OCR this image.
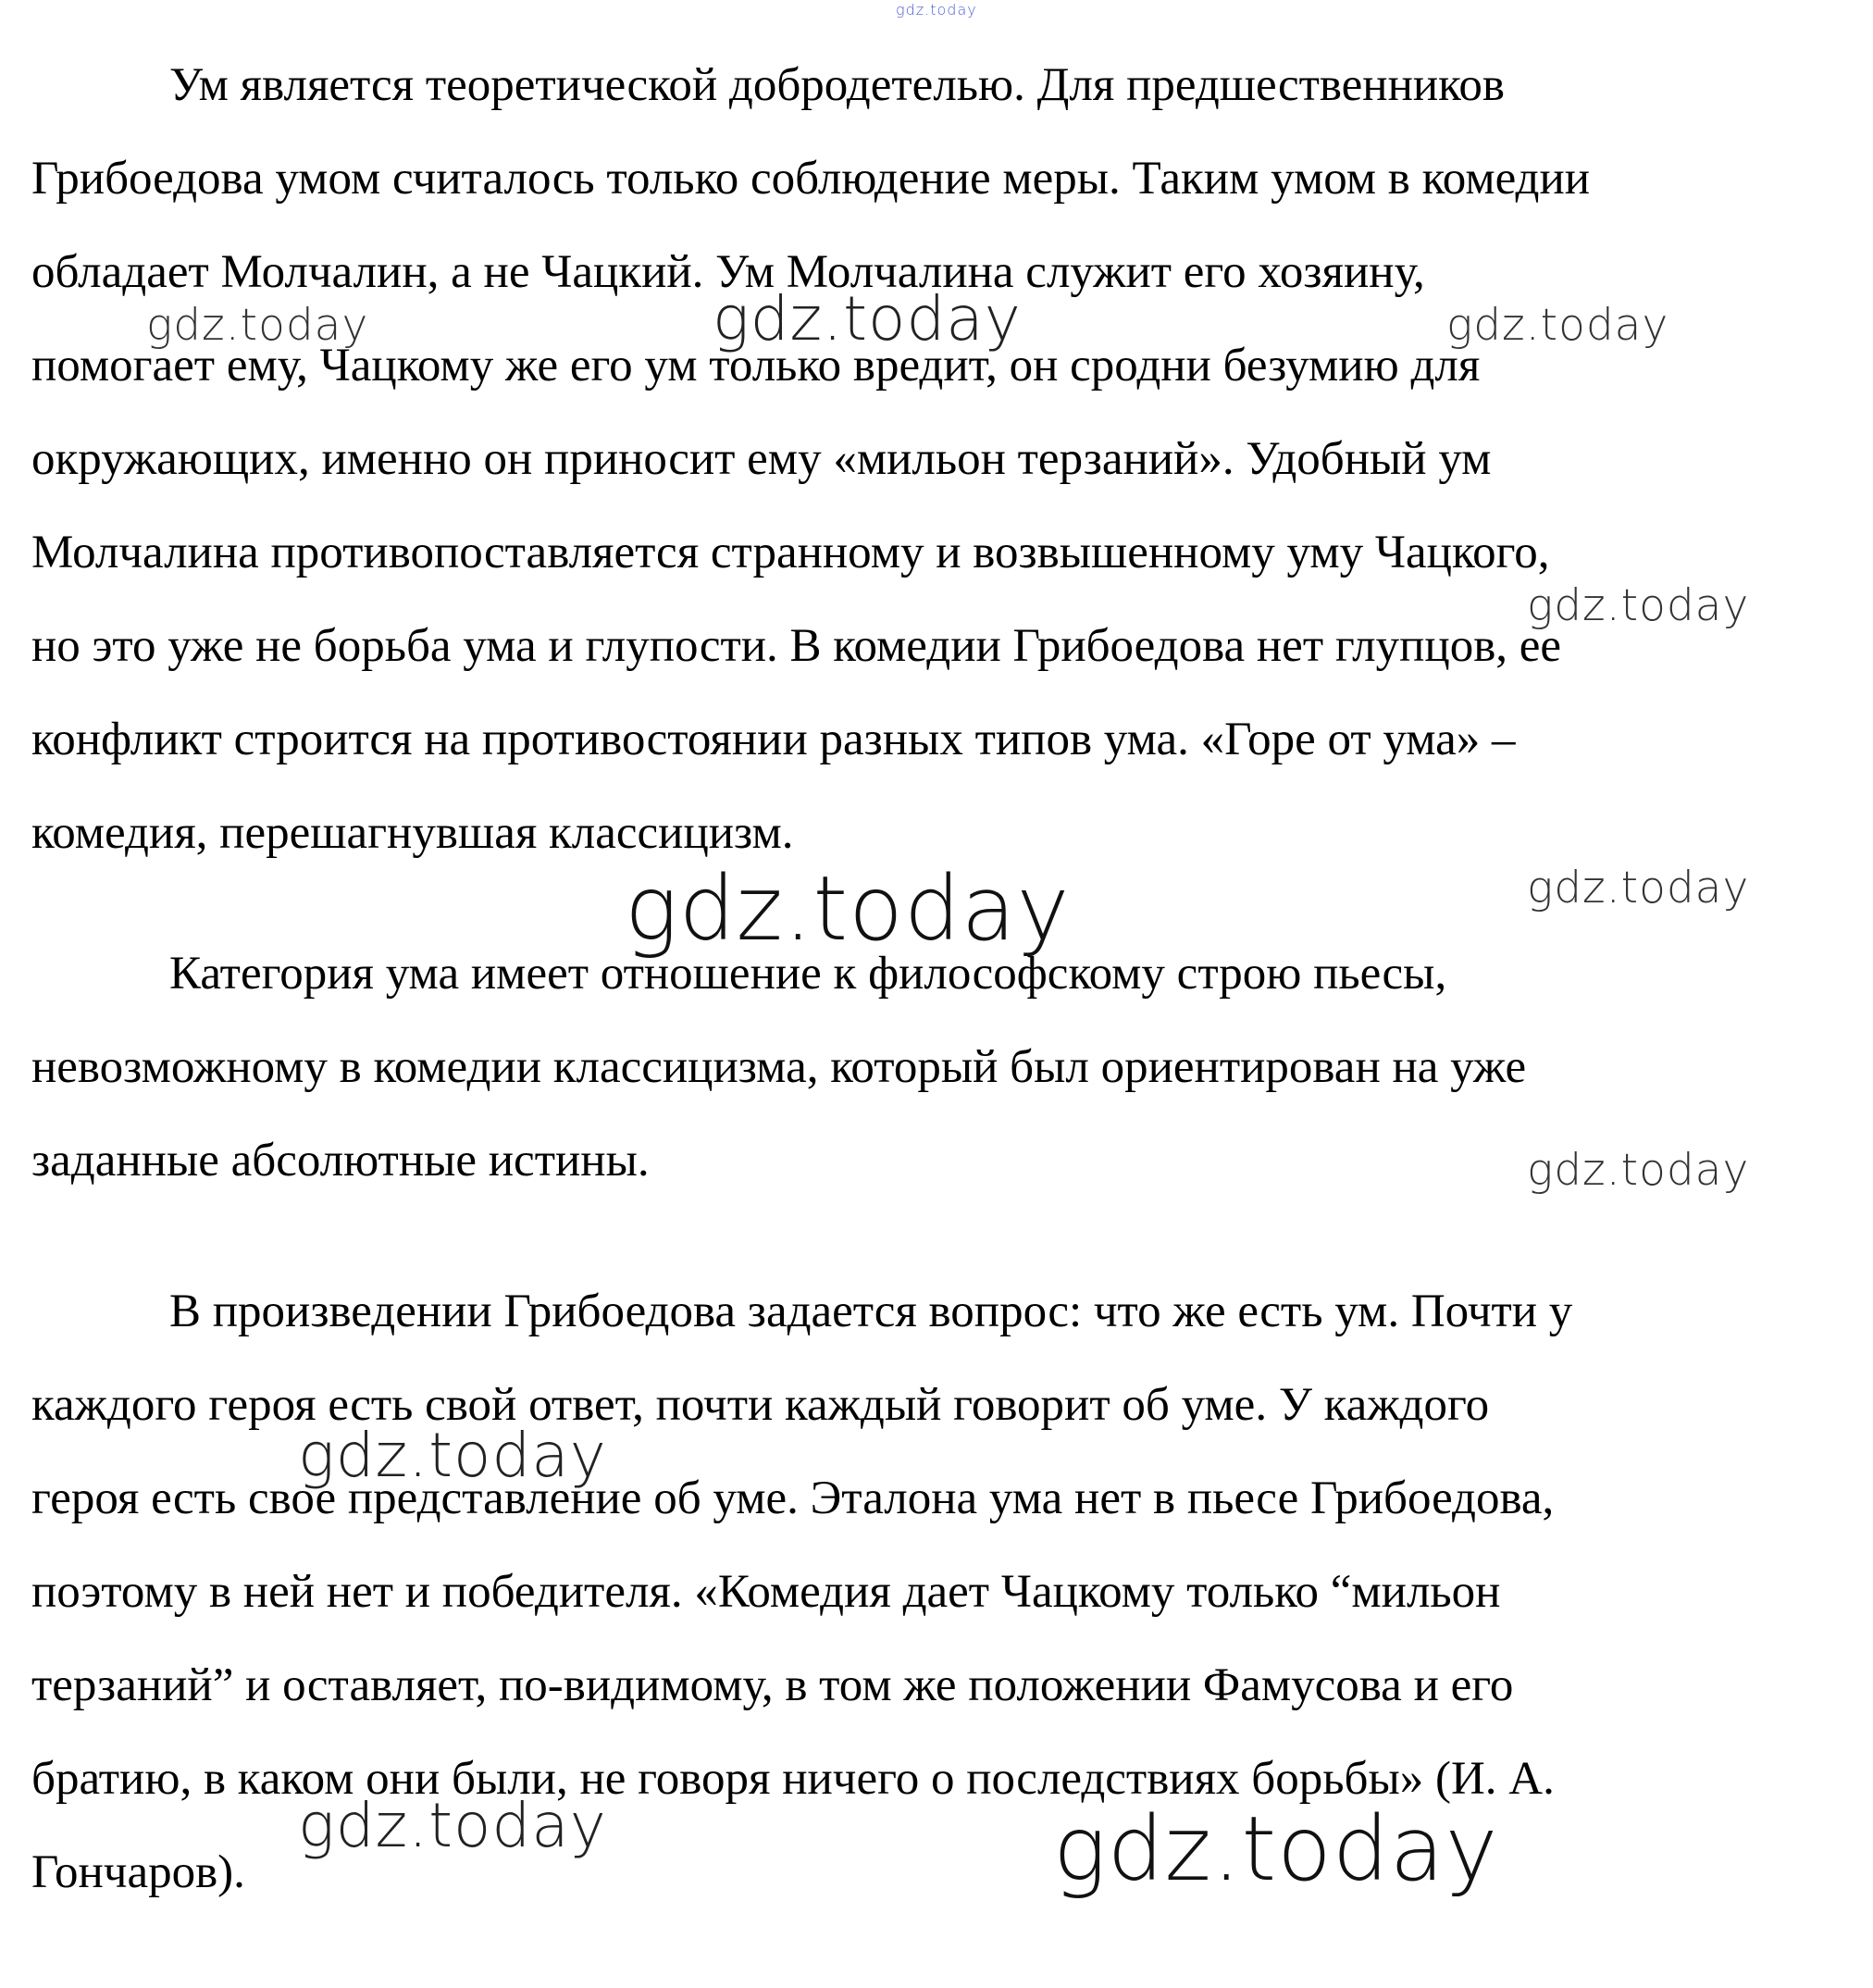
gdz.today
Ум является теоретической добродетелью. Для предшественников
Грибоедова умом считалось только соблюдение меры. Таким умом в комедии
обладает Молчалин, а не Чацкий. Ум Молчалина служит его хозяину,
помогает ему, Чацкому же его ум только вредит, он сродни безумию для
окружающих, именно он приносит ему «мильон терзаний». Удобный ум
Молчалина противопоставляется странному и возвышенному уму Чацкого,
но это уже не борьба ума и глупости. В комедии Грибоедова нет глупцов, ее
конфликт строится на противостоянии разных типов ума. «Горе от ума» –
комедия, перешагнувшая классицизм.
Категория ума имеет отношение к философскому строю пьесы,
невозможному в комедии классицизма, который был ориентирован на уже
заданные абсолютные истины.
В произведении Грибоедова задается вопрос: что же есть ум. Почти у
каждого героя есть свой ответ, почти каждый говорит об уме. У каждого
героя есть свое представление об уме. Эталона ума нет в пьесе Грибоедова,
поэтому в ней нет и победителя. «Комедия дает Чацкому только “мильон
терзаний” и оставляет, по-видимому, в том же положении Фамусова и его
братию, в каком они были, не говоря ничего о последствиях борьбы» (И. А.
Гончаров).
gdz.today	gdz.today	gdz.today
gdz.today
gdz.today	gdz.today
gdz.today
gdz.today
gdz.today	gdz.today
